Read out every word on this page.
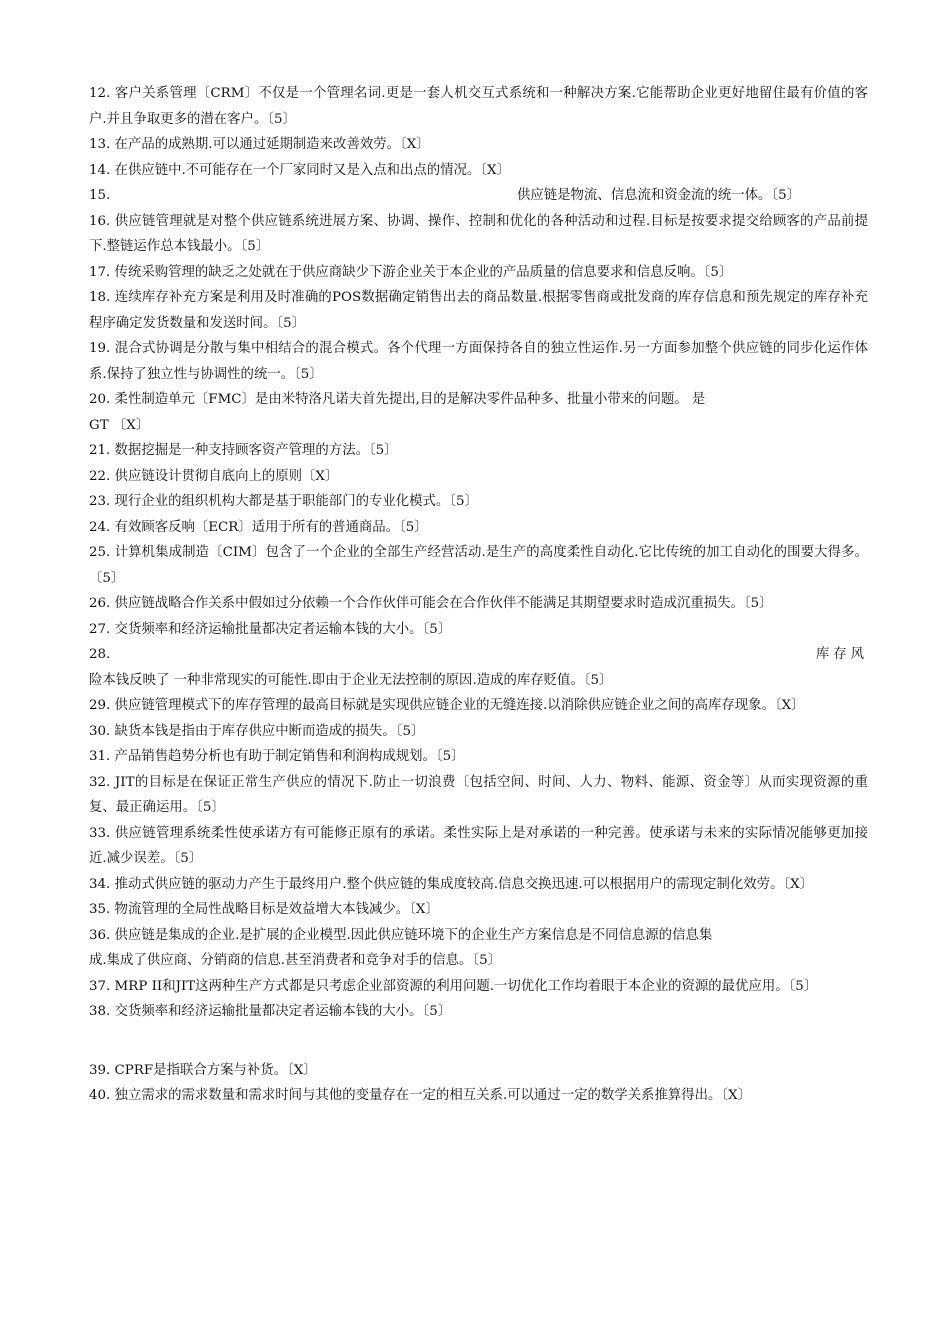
12. 客户关系管理〔CRM〕不仅是一个管理名词.更是一套人机交互式系统和一种解决方案.它能帮助企业更好地留住最有价值的客户.并且争取更多的潜在客户。〔5〕

13. 在产品的成熟期.可以通过延期制造来改善效劳。〔X〕

14. 在供应链中.不可能存在一个厂家同时又是入点和出点的情况。〔X〕

15.	供应链是物流、信息流和资金流的统一体。〔5〕

16. 供应链管理就是对整个供应链系统进展方案、协调、操作、控制和优化的各种活动和过程.目标是按要求提交给顾客的产品前提下.整链运作总本钱最小。〔5〕

17. 传统采购管理的缺乏之处就在于供应商缺少下游企业关于本企业的产品质量的信息要求和信息反响。〔5〕

18. 连续库存补充方案是利用及时准确的POS数据确定销售出去的商品数量.根据零售商或批发商的库存信息和预先规定的库存补充程序确定发货数量和发送时间。〔5〕

19. 混合式协调是分散与集中相结合的混合模式。各个代理一方面保持各自的独立性运作.另一方面参加整个供应链的同步化运作体系.保持了独立性与协调性的统一。〔5〕

20. 柔性制造单元〔FMC〕是由米特洛凡诺夫首先提出,目的是解决零件品种多、批量小带来的问题。 是

GT 〔X〕

21. 数据挖掘是一种支持顾客资产管理的方法。〔5〕

22. 供应链设计贯彻自底向上的原则〔X〕

23. 现行企业的组织机构大都是基于职能部门的专业化模式。〔5〕

24. 有效顾客反响〔ECR〕适用于所有的普通商品。〔5〕

25. 计算机集成制造〔CIM〕包含了一个企业的全部生产经营活动.是生产的高度柔性自动化.它比传统的加工自动化的围要大得多。〔5〕

26. 供应链战略合作关系中假如过分依赖一个合作伙伴可能会在合作伙伴不能满足其期望要求时造成沉重损失。〔5〕

27. 交货频率和经济运输批量都决定者运输本钱的大小。〔5〕

28.	库存风

险本钱反映了 一种非常现实的可能性.即由于企业无法控制的原因.造成的库存贬值。〔5〕

29. 供应链管理模式下的库存管理的最高目标就是实现供应链企业的无缝连接.以消除供应链企业之间的高库存现象。〔X〕

30. 缺货本钱是指由于库存供应中断而造成的损失。〔5〕

31. 产品销售趋势分析也有助于制定销售和利润构成规划。〔5〕

32. JIT的目标是在保证正常生产供应的情况下.防止一切浪费〔包括空间、时间、人力、物料、能源、资金等〕从而实现资源的重复、最正确运用。〔5〕

33. 供应链管理系统柔性使承诺方有可能修正原有的承诺。柔性实际上是对承诺的一种完善。使承诺与未来的实际情况能够更加接近.减少误差。〔5〕

34. 推动式供应链的驱动力产生于最终用户.整个供应链的集成度较高.信息交换迅速.可以根据用户的需现定制化效劳。〔X〕

35. 物流管理的全局性战略目标是效益增大本钱减少。〔X〕

36. 供应链是集成的企业.是扩展的企业模型.因此供应链环境下的企业生产方案信息是不同信息源的信息集

成.集成了供应商、分销商的信息.甚至消费者和竞争对手的信息。〔5〕

37. MRP II和JIT这两种生产方式都是只考虑企业部资源的利用问题.一切优化工作均着眼于本企业的资源的最优应用。〔5〕

38. 交货频率和经济运输批量都决定者运输本钱的大小。〔5〕

39. CPRF是指联合方案与补货。〔X〕

40. 独立需求的需求数量和需求时间与其他的变量存在一定的相互关系.可以通过一定的数学关系推算得出。〔X〕
